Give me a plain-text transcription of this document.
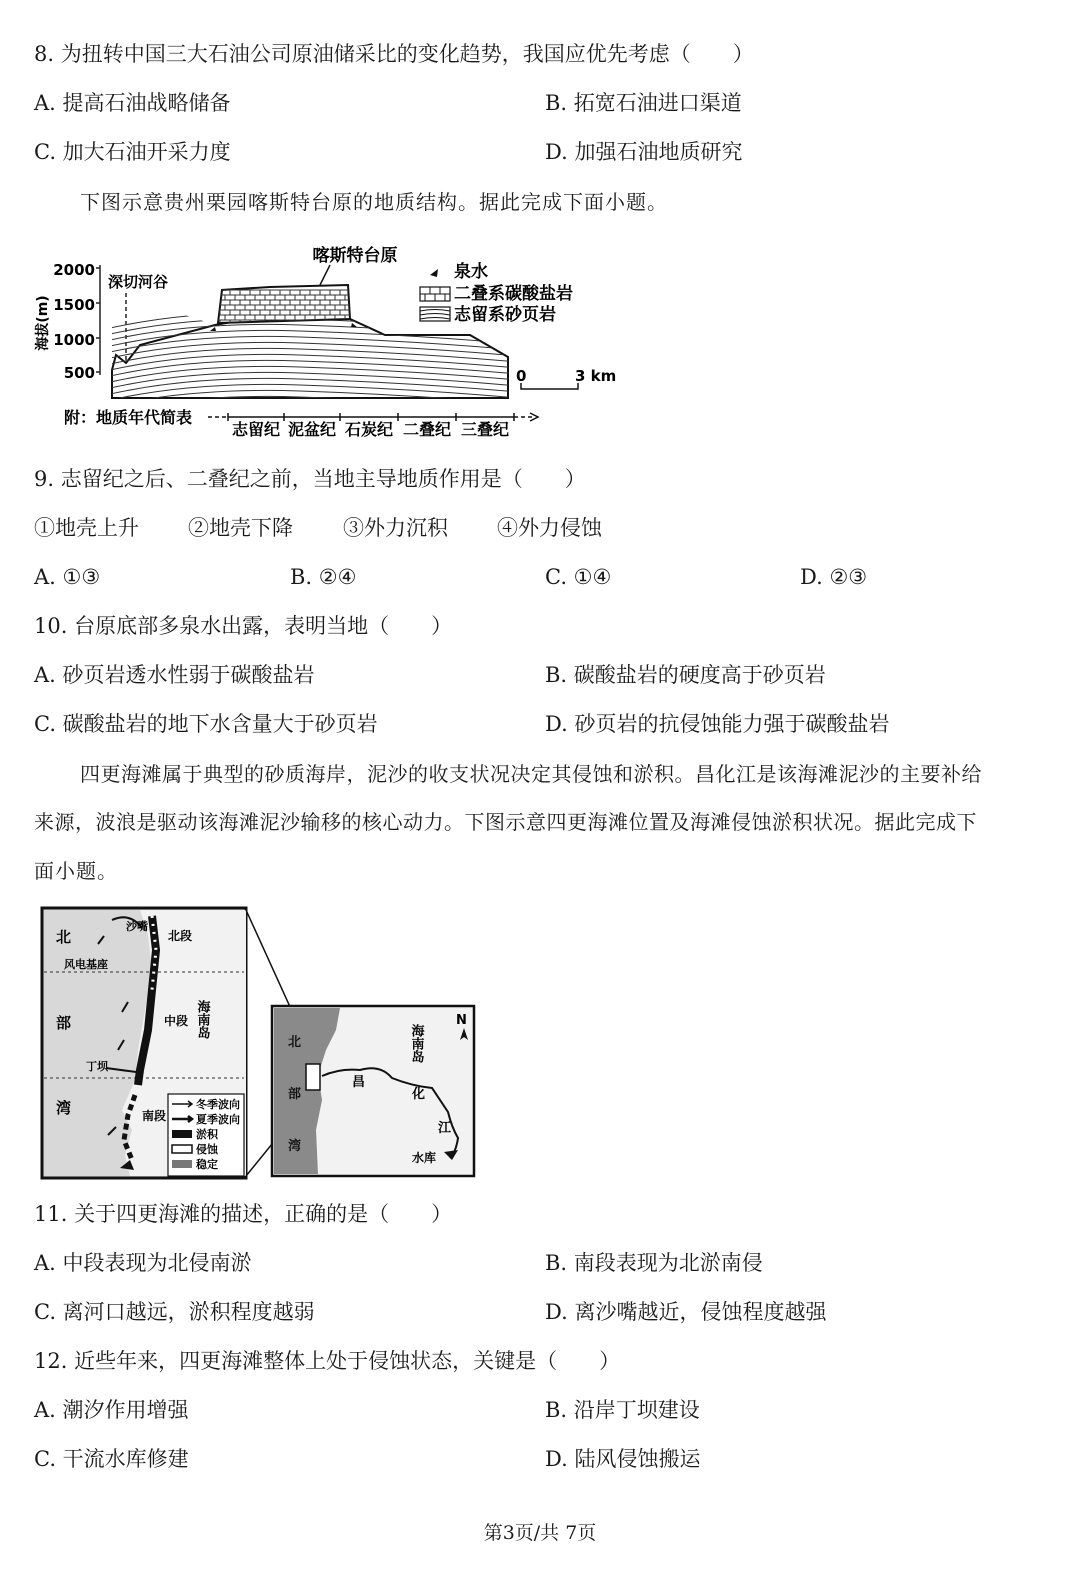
8. 为扭转中国三大石油公司原油储采比的变化趋势，我国应优先考虑（　　）
A. 提高石油战略储备	B. 拓宽石油进口渠道
C. 加大石油开采力度	D. 加强石油地质研究
下图示意贵州栗园喀斯特台原的地质结构。据此完成下面小题。
2000
1500
1000
500
海拔(m)
深切河谷
喀斯特台原
泉水
二叠系碳酸盐岩
志留系砂页岩
0	3 km
附：地质年代简表
志留纪 泥盆纪 石炭纪 二叠纪 三叠纪
9. 志留纪之后、二叠纪之前，当地主导地质作用是（　　）
①地壳上升 ②地壳下降 ③外力沉积 ④外力侵蚀
A. ①③	B. ②④	C. ①④	D. ②③
10. 台原底部多泉水出露，表明当地（　　）
A. 砂页岩透水性弱于碳酸盐岩	B. 碳酸盐岩的硬度高于砂页岩
C. 碳酸盐岩的地下水含量大于砂页岩	D. 砂页岩的抗侵蚀能力强于碳酸盐岩
四更海滩属于典型的砂质海岸，泥沙的收支状况决定其侵蚀和淤积。昌化江是该海滩泥沙的主要补给
来源，波浪是驱动该海滩泥沙输移的核心动力。下图示意四更海滩位置及海滩侵蚀淤积状况。据此完成下
面小题。
沙嘴
北
部
湾
风电基座
丁坝
北段
中段
南段
海南岛
冬季波向
夏季波向
淤积
侵蚀
稳定
北
部
湾
海南岛
昌
化
江
水库
N
11. 关于四更海滩的描述，正确的是（　　）
A. 中段表现为北侵南淤	B. 南段表现为北淤南侵
C. 离河口越远，淤积程度越弱	D. 离沙嘴越近，侵蚀程度越强
12. 近些年来，四更海滩整体上处于侵蚀状态，关键是（　　）
A. 潮汐作用增强	B. 沿岸丁坝建设
C. 干流水库修建	D. 陆风侵蚀搬运
第3页/共 7页
